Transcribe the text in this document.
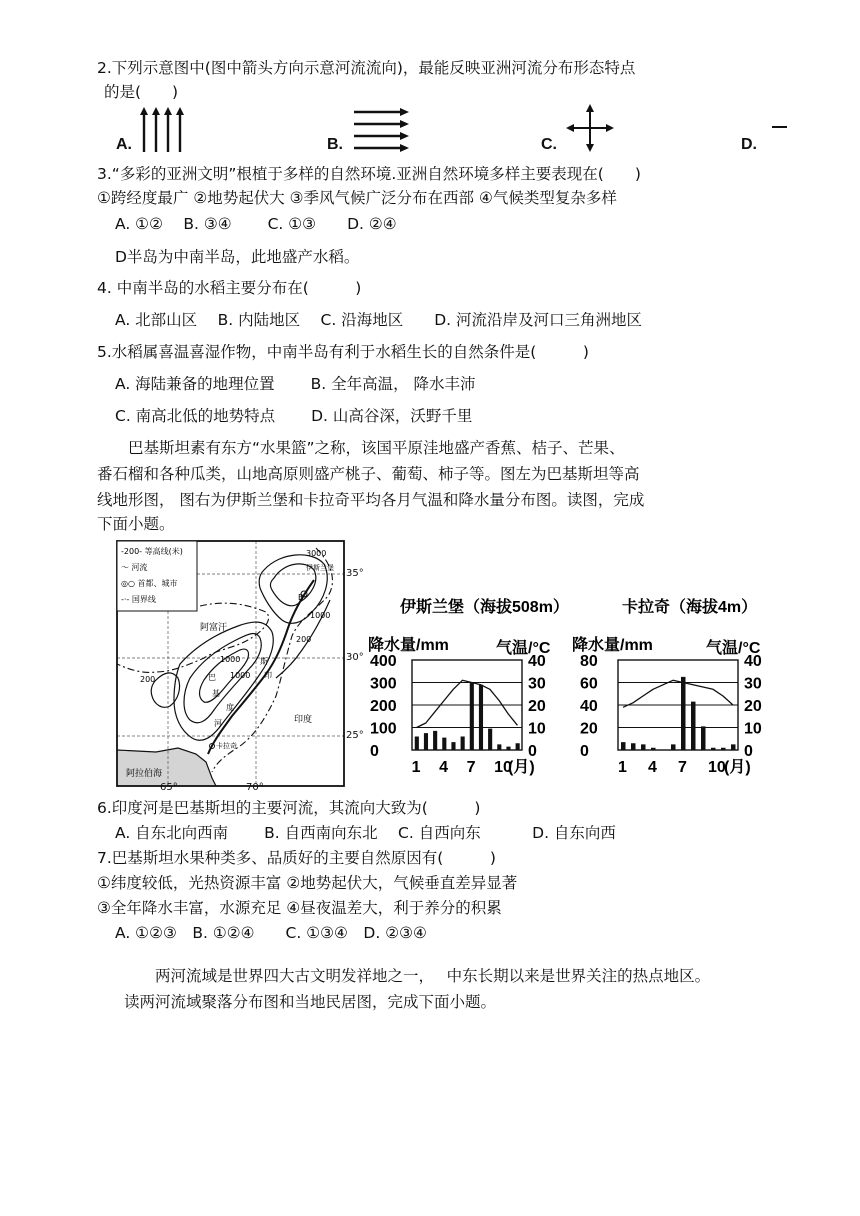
2.下列示意图中(图中箭头方向示意河流流向)，最能反映亚洲河流分布形态特点
的是(　　)
A.	B.	C.	D.
3.“多彩的亚洲文明”根植于多样的自然环境.亚洲自然环境多样主要表现在(　　)
①跨经度最广 ②地势起伏大 ③季风气候广泛分布在西部 ④气候类型复杂多样
A. ①②　 B. ③④　　 C. ①③　　D. ②④
D半岛为中南半岛，此地盛产水稻。
4. 中南半岛的水稻主要分布在(　　　)
A. 北部山区　 B. 内陆地区　 C. 沿海地区　　D. 河流沿岸及河口三角洲地区
5.水稻属喜温喜湿作物，中南半岛有利于水稻生长的自然条件是(　　　)
A. 海陆兼备的地理位置　　 B. 全年高温， 降水丰沛
C. 南高北低的地势特点　　 D. 山高谷深，沃野千里
　　巴基斯坦素有东方“水果篮”之称，该国平原洼地盛产香蕉、桔子、芒果、
番石榴和各种瓜类，山地高原则盛产桃子、葡萄、柿子等。图左为巴基斯坦等高
线地形图， 图右为伊斯兰堡和卡拉奇平均各月气温和降水量分布图。读图，完成
下面小题。
-200- 等高线(米)
～ 河流
◎○ 首都、城市
-·- 国界线
3000
伊斯兰堡
B
1000
200
1000
1000
200
阿富汗
印度
阿拉伯海
卡拉奇
斯
印
度
河
巴
基
35°
30°
25°
65°	70°
伊斯兰堡（海拔508m）	卡拉奇（海拔4m）
降水量/mm	气温/°C 降水量/mm	气温/°C
400
300
200
100
0
40
30
20
10
0
1 4 7 10
(月)
80
60
40
20
0
40
30
20
10
0
1 4 7 10
(月)
6.印度河是巴基斯坦的主要河流，其流向大致为(　　　)
A. 自东北向西南　　 B. 自西南向东北　 C. 自西向东　　　 D. 自东向西
7.巴基斯坦水果种类多、品质好的主要自然原因有(　　　)
①纬度较低，光热资源丰富 ②地势起伏大，气候垂直差异显著
③全年降水丰富，水源充足 ④昼夜温差大，利于养分的积累
A. ①②③　B. ①②④　　C. ①③④　D. ②③④
　　两河流域是世界四大古文明发祥地之一，　 中东长期以来是世界关注的热点地区。
读两河流域聚落分布图和当地民居图，完成下面小题。
